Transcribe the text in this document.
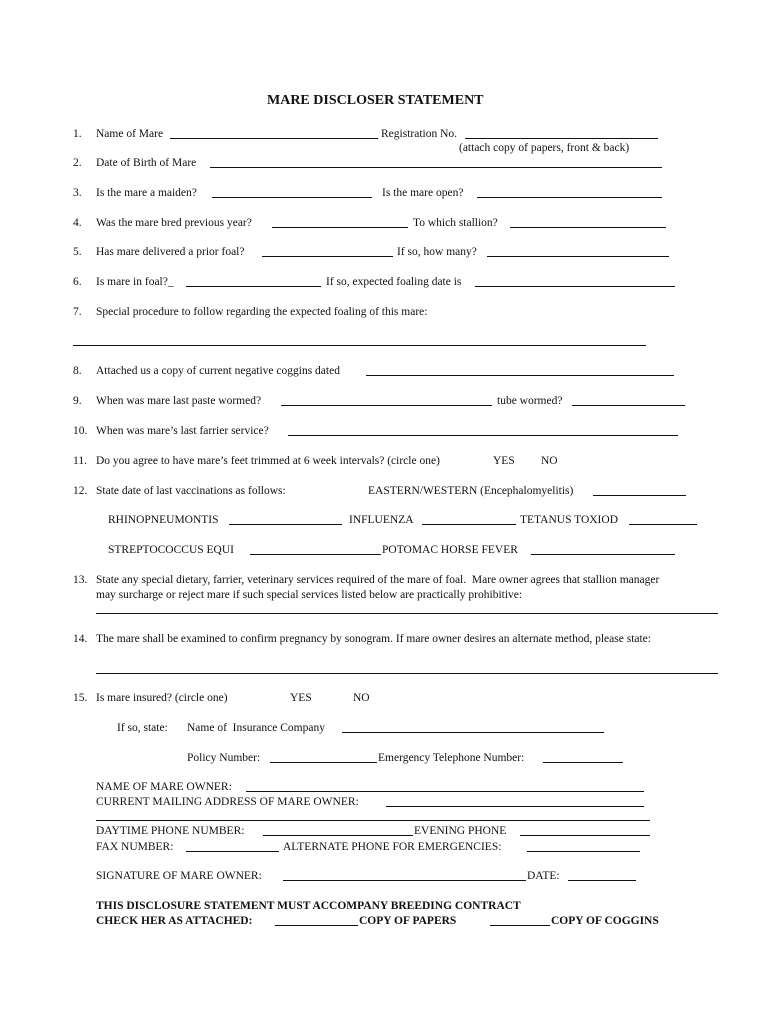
MARE DISCLOSER STATEMENT
1. Name of Mare	Registration No.
(attach copy of papers, front & back)
2. Date of Birth of Mare
3. Is the mare a maiden?	Is the mare open?
4. Was the mare bred previous year?	To which stallion?
5. Has mare delivered a prior foal?	If so, how many?
6. Is mare in foal?_	If so, expected foaling date is
7. Special procedure to follow regarding the expected foaling of this mare:
8. Attached us a copy of current negative coggins dated
9. When was mare last paste wormed?	tube wormed?
10. When was mare’s last farrier service?
11. Do you agree to have mare’s feet trimmed at 6 week intervals? (circle one)	YES NO
12. State date of last vaccinations as follows:	EASTERN/WESTERN (Encephalomyelitis)
RHINOPNEUMONTIS	INFLUENZA	TETANUS TOXIOD
STREPTOCOCCUS EQUI	POTOMAC HORSE FEVER
13. State any special dietary, farrier, veterinary services required of the mare of foal.  Mare owner agrees that stallion manager
may surcharge or reject mare if such special services listed below are practically prohibitive:
14. The mare shall be examined to confirm pregnancy by sonogram. If mare owner desires an alternate method, please state:
15. Is mare insured? (circle one)	YES	NO
If so, state: Name of  Insurance Company
Policy Number:	Emergency Telephone Number:
NAME OF MARE OWNER:
CURRENT MAILING ADDRESS OF MARE OWNER:
DAYTIME PHONE NUMBER:	EVENING PHONE
FAX NUMBER:	ALTERNATE PHONE FOR EMERGENCIES:
SIGNATURE OF MARE OWNER:	DATE:
THIS DISCLOSURE STATEMENT MUST ACCOMPANY BREEDING CONTRACT
CHECK HER AS ATTACHED:	COPY OF PAPERS	COPY OF COGGINS
